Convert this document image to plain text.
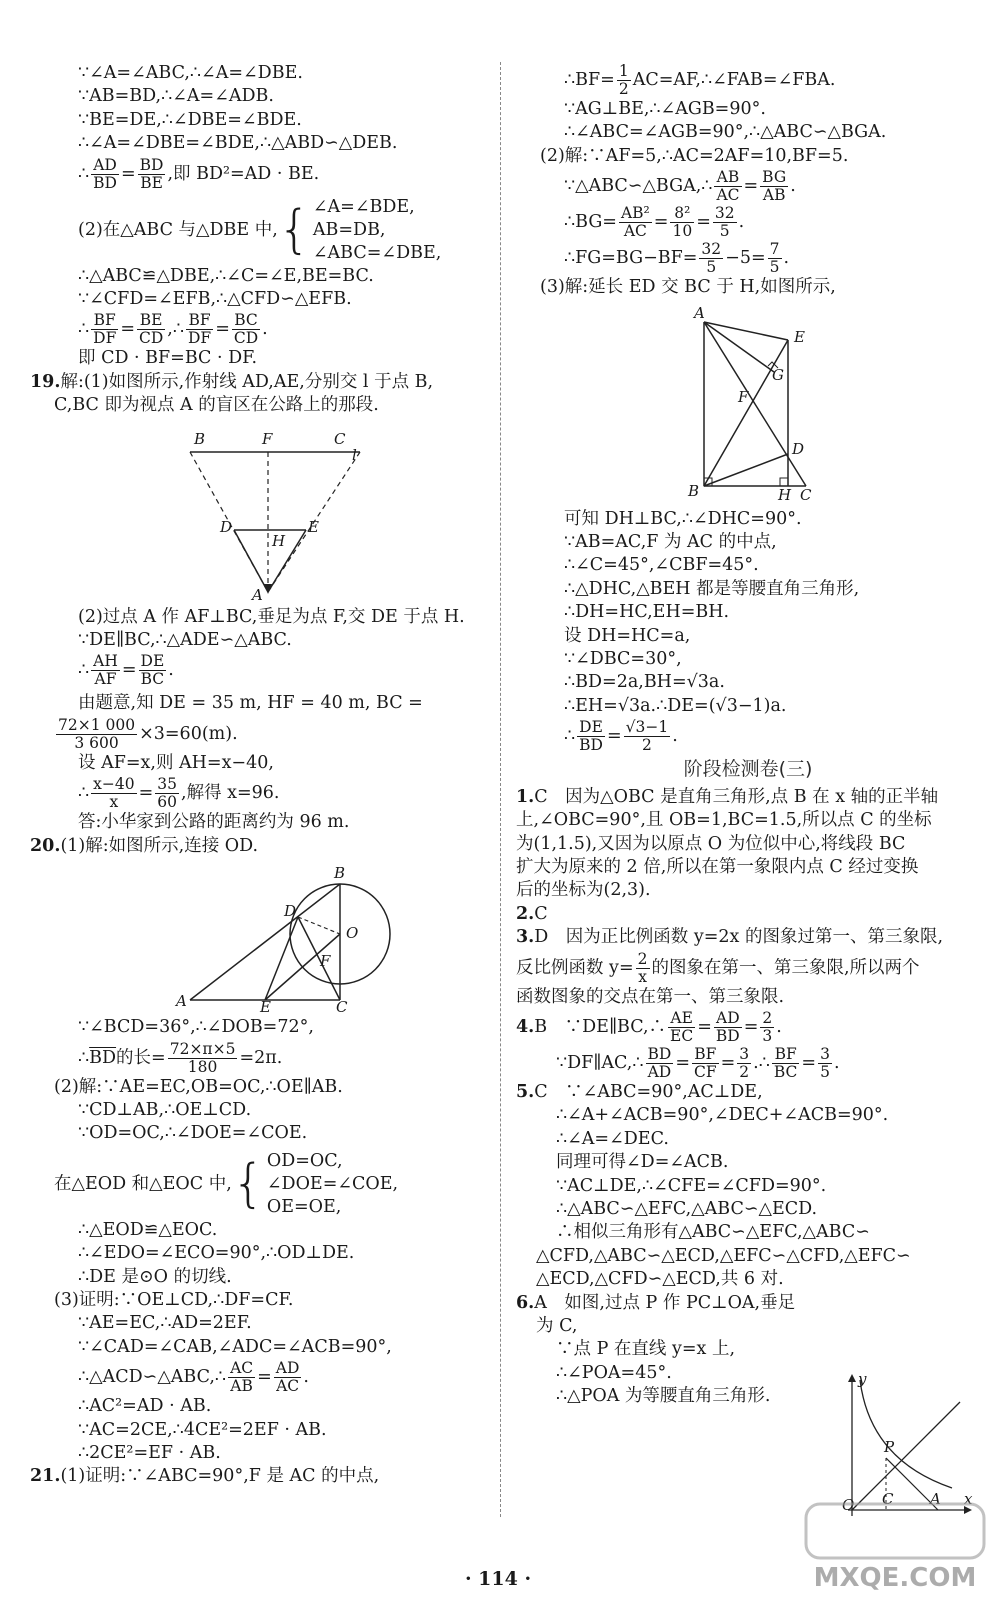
∵∠A=∠ABC,∴∠A=∠DBE.
∵AB=BD,∴∠A=∠ADB.
∵BE=DE,∴∠DBE=∠BDE.
∴∠A=∠DBE=∠BDE,∴△ABD∽△DEB.
∴ $\frac{AD}{BD} = \frac{BD}{BE}$ ,即 BD²=AD · BE.
(2)在△ABC 与△DBE 中, { ∠A=∠BDE,
AB=DB,
∠ABC=∠DBE,
∴△ABC≌△DBE,∴∠C=∠E,BE=BC.
∵∠CFD=∠EFB,∴△CFD∽△EFB.
∴ $\frac{BF}{DF} = \frac{BE}{CD}$ ,∴ $\frac{BF}{DF} = \frac{BC}{CD}$ .
即 CD · BF=BC · DF.
19.解:(1)如图所示,作射线 AD,AE,分别交 l 于点 B,
C,BC 即为视点 A 的盲区在公路上的那段.
B	F	C
l
D	E
H
A
(2)过点 A 作 AF⊥BC,垂足为点 F,交 DE 于点 H.
∵DE∥BC,∴△ADE∽△ABC.
∴ $\frac{AH}{AF} = \frac{DE}{BC}$ .
由题意,知 DE = 35 m, HF = 40 m, BC =
$\frac{72\times 1 000}{3 600} \times 3=60(m)$.
设 AF=x,则 AH=x−40,
∴ $\frac{x-40}{x} = \frac{35}{60}$ ,解得 x=96.
答:小华家到公路的距离约为 96 m.
20.(1)解:如图所示,连接 OD.
B
D
O
F
A	E	C
∵∠BCD=36°,∴∠DOB=72°,
$\therefore\overline{BD}$的长= $\frac{72\times\pi\times 5}{180} =2\pi$.
(2)解:∵AE=EC,OB=OC,∴OE∥AB.
∵CD⊥AB,∴OE⊥CD.
∵OD=OC,∴∠DOE=∠COE.
在△EOD 和△EOC 中, { OD=OC,
∠DOE=∠COE,
OE=OE,
∴△EOD≌△EOC.
∴∠EDO=∠ECO=90°,∴OD⊥DE.
∴DE 是⊙O 的切线.
(3)证明:∵OE⊥CD,∴DF=CF.
∵AE=EC,∴AD=2EF.
∵∠CAD=∠CAB,∠ADC=∠ACB=90°,
∴△ACD∽△ABC,∴ $\frac{AC}{AB} = \frac{AD}{AC}$ .
∴AC²=AD · AB.
∵AC=2CE,∴4CE²=2EF · AB.
∴2CE²=EF · AB.
21.(1)证明:∵∠ABC=90°,F 是 AC 的中点,
∴BF= $\frac{1}{2}$ AC=AF,∴∠FAB=∠FBA.
∵AG⊥BE,∴∠AGB=90°.
∴∠ABC=∠AGB=90°,∴△ABC∽△BGA.
(2)解:∵AF=5,∴AC=2AF=10,BF=5.
∵△ABC∽△BGA,∴ $\frac{AB}{AC} = \frac{BG}{AB}$ .
∴BG= $\frac{\text{AB²}}{AC} = \frac{\text{8²}}{10} = \frac{32}{5}$ .
∴FG=BG−BF= $\frac{32}{5} -5= \frac{7}{5}$ .
(3)解:延长 ED 交 BC 于 H,如图所示,
A
E
G
F
D
B	H C
可知 DH⊥BC,∴∠DHC=90°.
∵AB=AC,F 为 AC 的中点,
∴∠C=45°,∠CBF=45°.
∴△DHC,△BEH 都是等腰直角三角形,
∴DH=HC,EH=BH.
设 DH=HC=a,
∵∠DBC=30°,
∴BD=2a,BH=√3a.
∴EH=√3a.∴DE=(√3−1)a.
∴ $\frac{DE}{BD} = \frac{√3-1}{2}$ .
阶段检测卷(三)
1.C　因为△OBC 是直角三角形,点 B 在 x 轴的正半轴
上,∠OBC=90°,且 OB=1,BC=1.5,所以点 C 的坐标
为(1,1.5),又因为以原点 O 为位似中心,将线段 BC
扩大为原来的 2 倍,所以在第一象限内点 C 经过变换
后的坐标为(2,3).
2.C
3.D　因为正比例函数 y=2x 的图象过第一、第三象限,
反比例函数 $y= \frac{2}{x}$ 的图象在第一、第三象限,所以两个
函数图象的交点在第一、第三象限.
4.B　∵DE∥BC,∴ $\frac{AE}{EC} = \frac{AD}{BD} = \frac{2}{3}$ .
∵DF∥AC,∴ $\frac{BD}{AD} = \frac{BF}{CF} = \frac{3}{2}$ .∴ $\frac{BF}{BC} = \frac{3}{5}$ .
5.C　∵∠ABC=90°,AC⊥DE,
∴∠A+∠ACB=90°,∠DEC+∠ACB=90°.
∴∠A=∠DEC.
同理可得∠D=∠ACB.
∵AC⊥DE,∴∠CFE=∠CFD=90°.
∴△ABC∽△EFC,△ABC∽△ECD.
∴相似三角形有△ABC∽△EFC,△ABC∽
△CFD,△ABC∽△ECD,△EFC∽△CFD,△EFC∽
△ECD,△CFD∽△ECD,共 6 对.
6.A　如图,过点 P 作 PC⊥OA,垂足
为 C,
∵点 P 在直线 y=x 上,
∴∠POA=45°.
∴△POA 为等腰直角三角形.
y
P
O C A x
· 114 ·	MXQE.COM
